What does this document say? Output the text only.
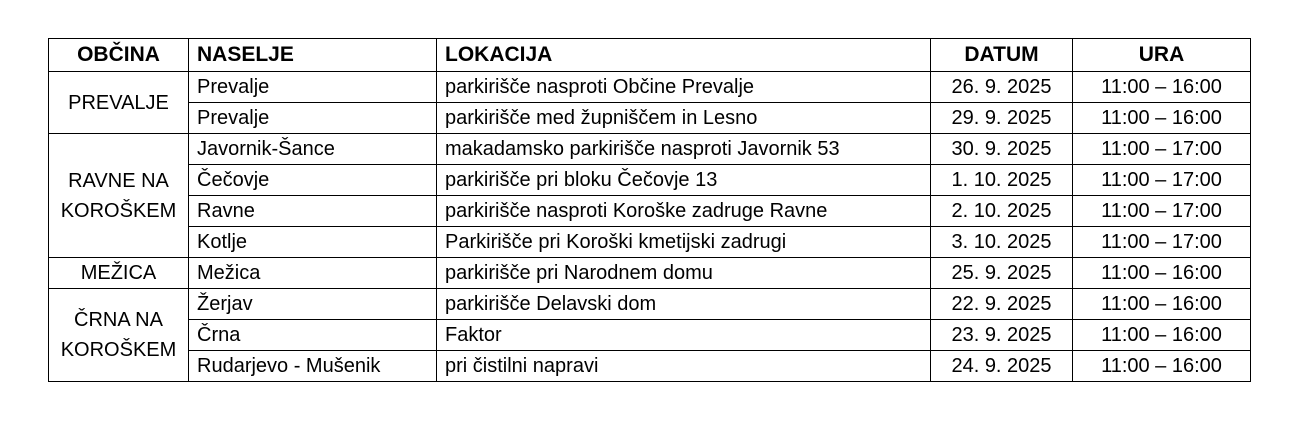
OBČINA	NASELJE	LOKACIJA	DATUM	URA
PREVALJE	Prevalje	parkirišče nasproti Občine Prevalje	26. 9. 2025	11:00 – 16:00
	Prevalje	parkirišče med župniščem in Lesno	29. 9. 2025	11:00 – 16:00
RAVNE NA KOROŠKEM	Javornik-Šance	makadamsko parkirišče nasproti Javornik 53	30. 9. 2025	11:00 – 17:00
	Čečovje	parkirišče pri bloku Čečovje 13	1. 10. 2025	11:00 – 17:00
	Ravne	parkirišče nasproti Koroške zadruge Ravne	2. 10. 2025	11:00 – 17:00
	Kotlje	Parkirišče pri Koroški kmetijski zadrugi	3. 10. 2025	11:00 – 17:00
MEŽICA	Mežica	parkirišče pri Narodnem domu	25. 9. 2025	11:00 – 16:00
ČRNA NA KOROŠKEM	Žerjav	parkirišče Delavski dom	22. 9. 2025	11:00 – 16:00
	Črna	Faktor	23. 9. 2025	11:00 – 16:00
	Rudarjevo - Mušenik	pri čistilni napravi	24. 9. 2025	11:00 – 16:00
